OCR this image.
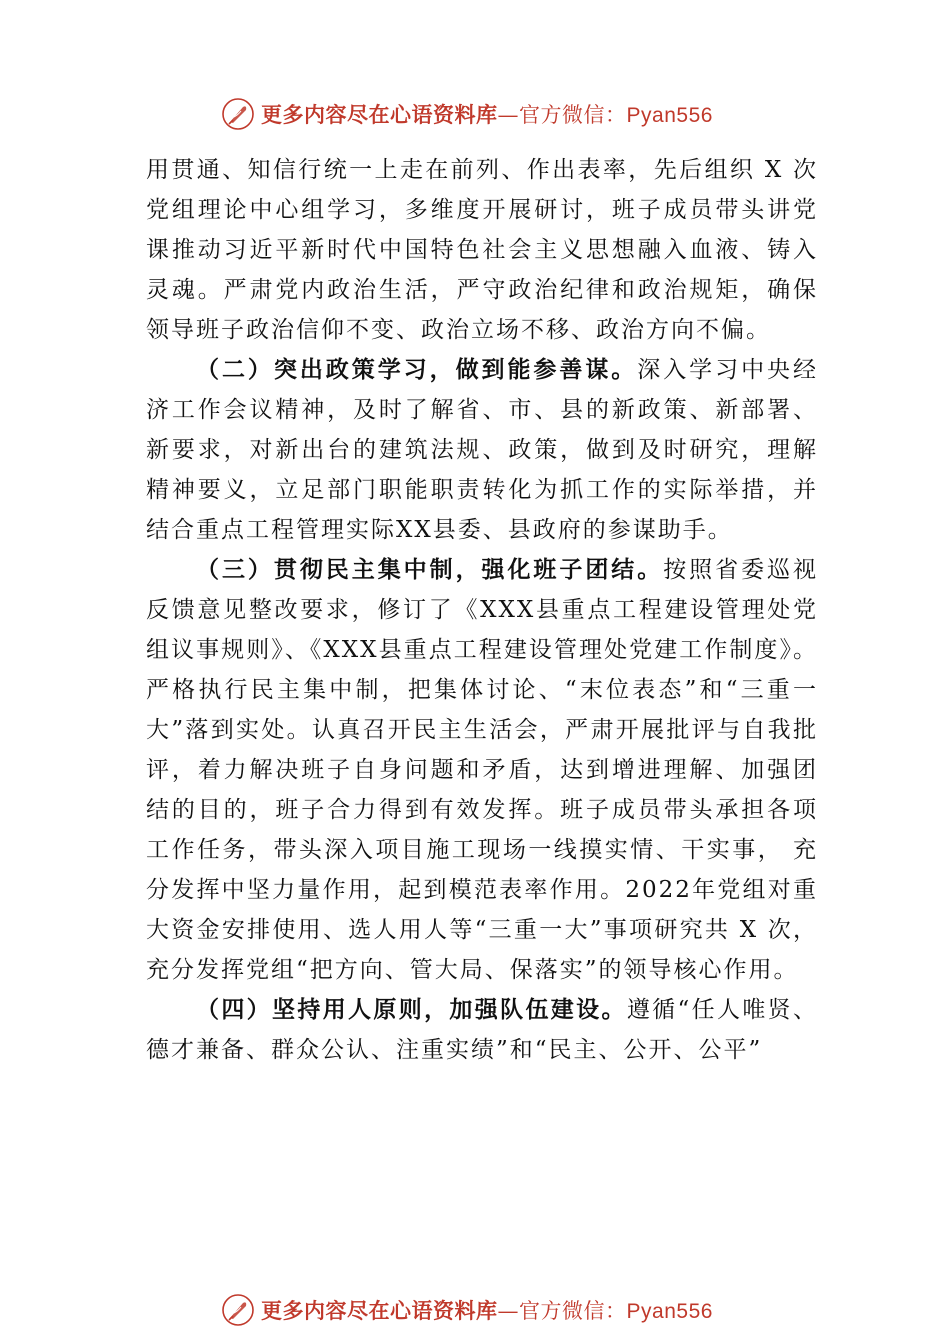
更多内容尽在心语资料库—官方微信：Pyan556

用贯通、知信行统一上走在前列、作出表率，先后组织 X 次党组理论中心组学习，多维度开展研讨，班子成员带头讲党课推动习近平新时代中国特色社会主义思想融入血液、铸入灵魂。严肃党内政治生活，严守政治纪律和政治规矩，确保领导班子政治信仰不变、政治立场不移、政治方向不偏。

（二）突出政策学习，做到能参善谋。深入学习中央经济工作会议精神，及时了解省、市、县的新政策、新部署、 新要求，对新出台的建筑法规、政策，做到及时研究，理解精神要义，立足部门职能职责转化为抓工作的实际举措，并结合重点工程管理实际XX县委、县政府的参谋助手。

（三）贯彻民主集中制，强化班子团结。按照省委巡视反馈意见整改要求，修订了《XXX县重点工程建设管理处党组议事规则》、《XXX县重点工程建设管理处党建工作制度》。严格执行民主集中制，把集体讨论、“末位表态”和“三重一大”落到实处。认真召开民主生活会，严肃开展批评与自我批评，着力解决班子自身问题和矛盾，达到增进理解、加强团结的目的，班子合力得到有效发挥。班子成员带头承担各项工作任务，带头深入项目施工现场一线摸实情、干实事， 充分发挥中坚力量作用，起到模范表率作用。2022年党组对重大资金安排使用、选人用人等“三重一大”事项研究共 X 次，充分发挥党组“把方向、管大局、保落实”的领导核心作用。

（四）坚持用人原则，加强队伍建设。遵循“任人唯贤、德才兼备、群众公认、注重实绩”和“民主、公开、公平”

更多内容尽在心语资料库—官方微信：Pyan556
